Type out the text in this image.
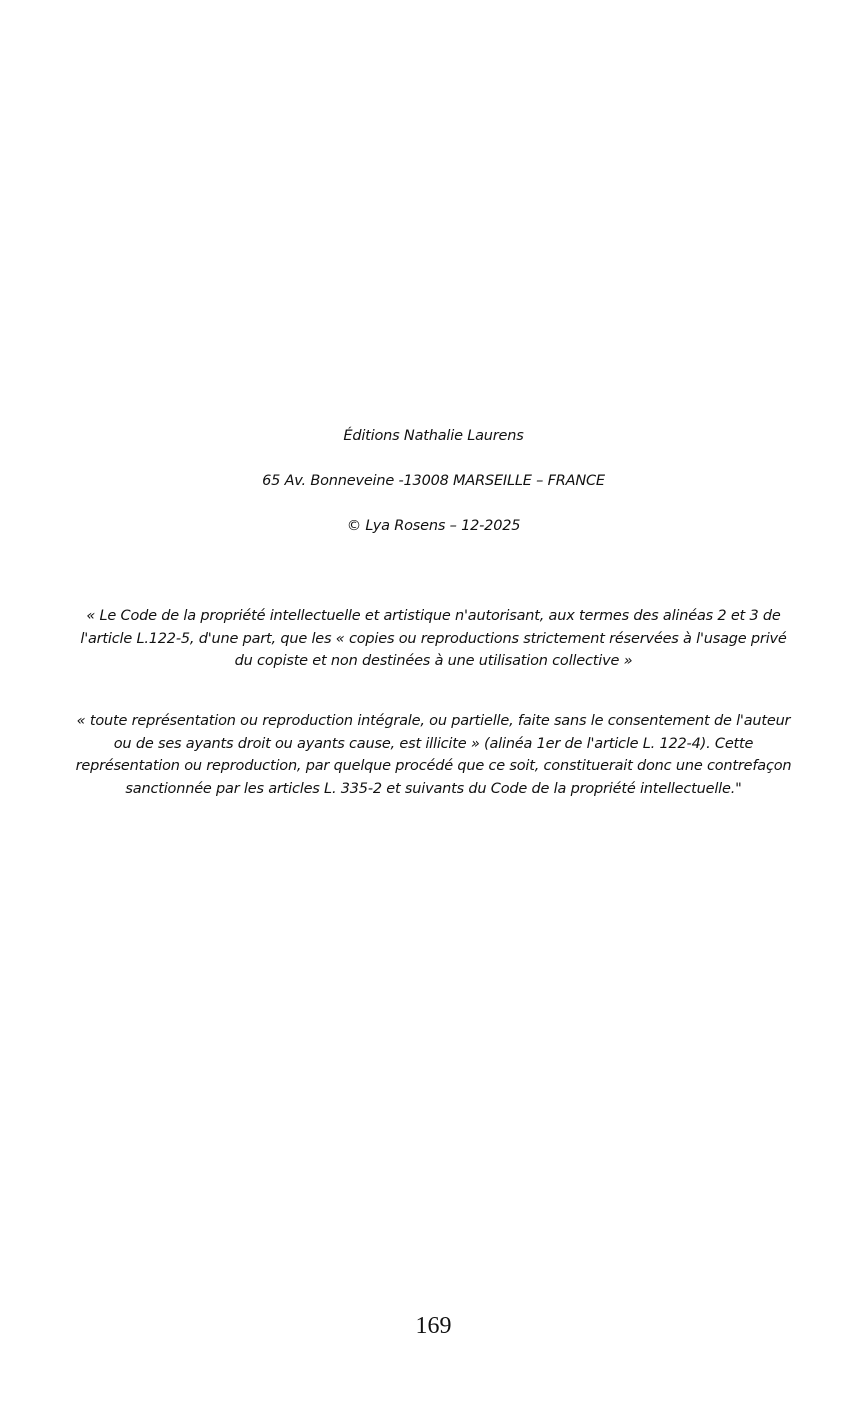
Éditions Nathalie Laurens
65 Av. Bonneveine -13008 MARSEILLE – FRANCE
© Lya Rosens – 12-2025
« Le Code de la propriété intellectuelle et artistique n'autorisant, aux termes des alinéas 2 et 3 de l'article L.122-5, d'une part, que les « copies ou reproductions strictement réservées à l'usage privé du copiste et non destinées à une utilisation collective »
« toute représentation ou reproduction intégrale, ou partielle, faite sans le consentement de l'auteur ou de ses ayants droit ou ayants cause, est illicite » (alinéa 1er de l'article L. 122-4). Cette représentation ou reproduction, par quelque procédé que ce soit, constituerait donc une contrefaçon sanctionnée par les articles L. 335-2 et suivants du Code de la propriété intellectuelle."
169
